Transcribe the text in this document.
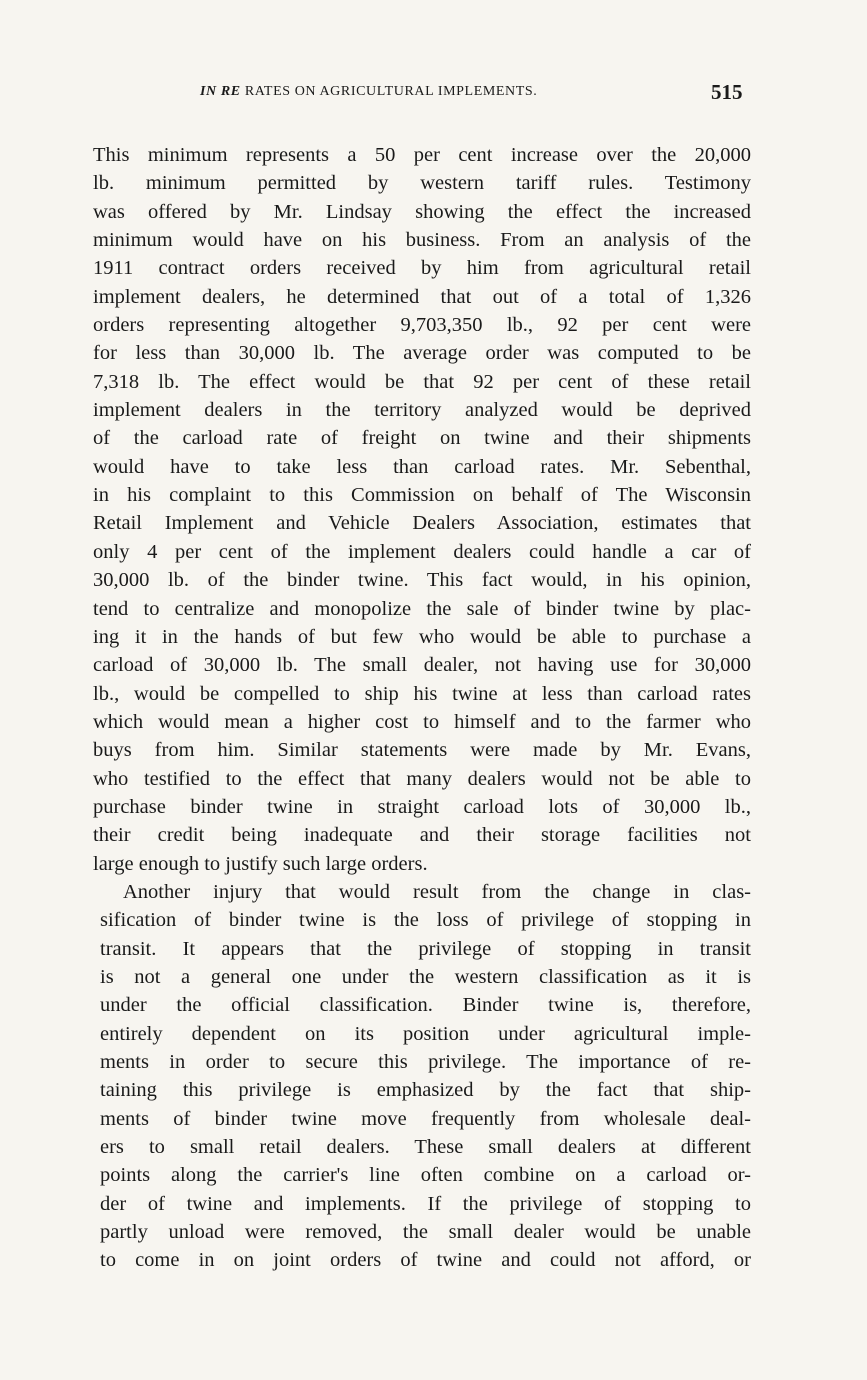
IN RE RATES ON AGRICULTURAL IMPLEMENTS.	515
This minimum represents a 50 per cent increase over the 20,000
lb. minimum permitted by western tariff rules. Testimony
was offered by Mr. Lindsay showing the effect the increased
minimum would have on his business. From an analysis of the
1911 contract orders received by him from agricultural retail
implement dealers, he determined that out of a total of 1,326
orders representing altogether 9,703,350 lb., 92 per cent were
for less than 30,000 lb. The average order was computed to be
7,318 lb. The effect would be that 92 per cent of these retail
implement dealers in the territory analyzed would be deprived
of the carload rate of freight on twine and their shipments
would have to take less than carload rates. Mr. Sebenthal,
in his complaint to this Commission on behalf of The Wisconsin
Retail Implement and Vehicle Dealers Association, estimates that
only 4 per cent of the implement dealers could handle a car of
30,000 lb. of the binder twine. This fact would, in his opinion,
tend to centralize and monopolize the sale of binder twine by plac-
ing it in the hands of but few who would be able to purchase a
carload of 30,000 lb. The small dealer, not having use for 30,000
lb., would be compelled to ship his twine at less than carload rates
which would mean a higher cost to himself and to the farmer who
buys from him. Similar statements were made by Mr. Evans,
who testified to the effect that many dealers would not be able to
purchase binder twine in straight carload lots of 30,000 lb.,
their credit being inadequate and their storage facilities not
large enough to justify such large orders.
Another injury that would result from the change in clas-
sification of binder twine is the loss of privilege of stopping in
transit. It appears that the privilege of stopping in transit
is not a general one under the western classification as it is
under the official classification. Binder twine is, therefore,
entirely dependent on its position under agricultural imple-
ments in order to secure this privilege. The importance of re-
taining this privilege is emphasized by the fact that ship-
ments of binder twine move frequently from wholesale deal-
ers to small retail dealers. These small dealers at different
points along the carrier's line often combine on a carload or-
der of twine and implements. If the privilege of stopping to
partly unload were removed, the small dealer would be unable
to come in on joint orders of twine and could not afford, or
